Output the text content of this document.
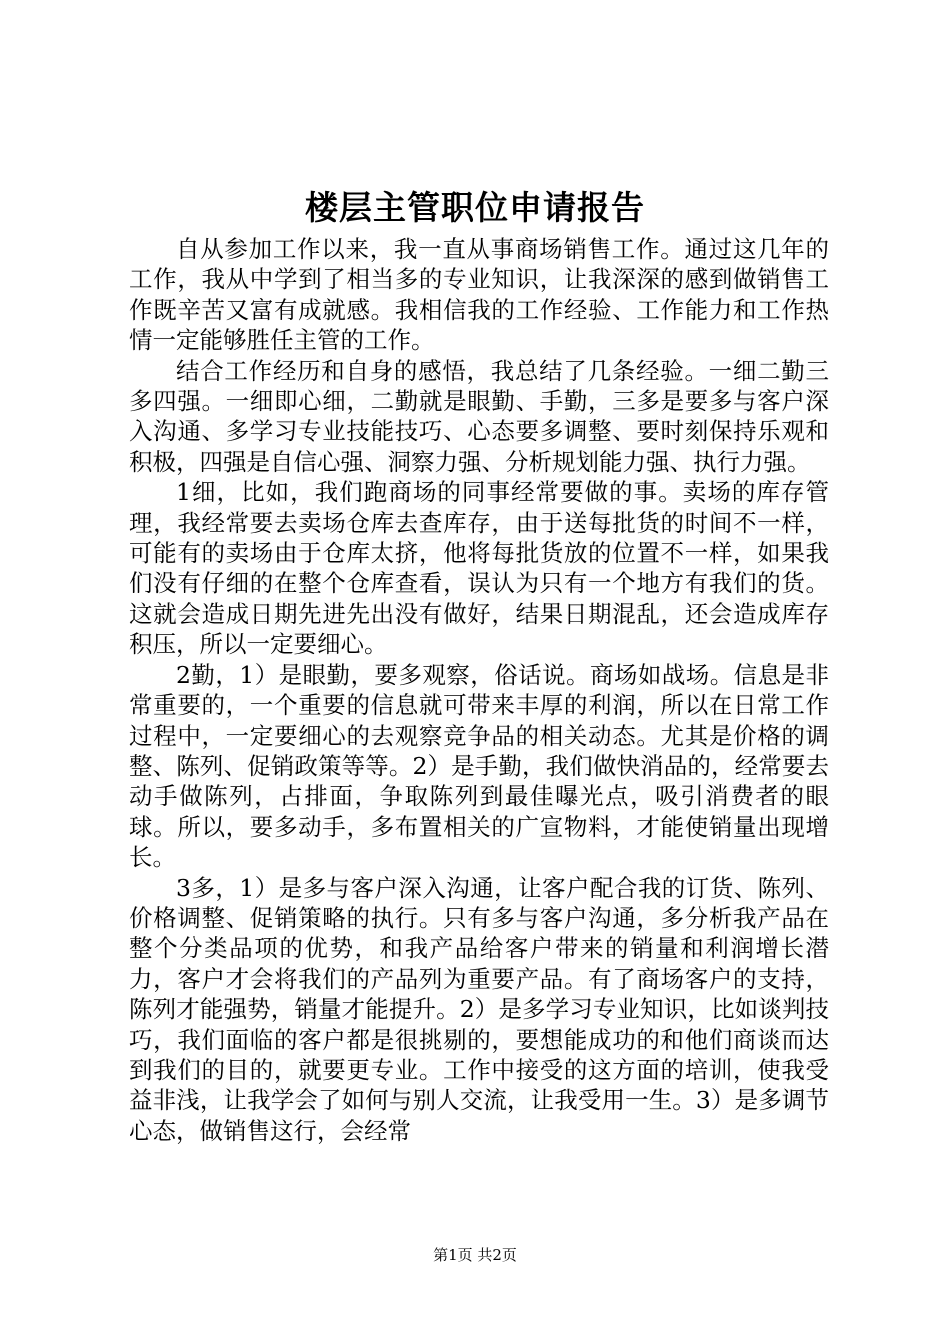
楼层主管职位申请报告

自从参加工作以来，我一直从事商场销售工作。通过这几年的工作，我从中学到了相当多的专业知识，让我深深的感到做销售工作既辛苦又富有成就感。我相信我的工作经验、工作能力和工作热情一定能够胜任主管的工作。

结合工作经历和自身的感悟，我总结了几条经验。一细二勤三多四强。一细即心细，二勤就是眼勤、手勤，三多是要多与客户深入沟通、多学习专业技能技巧、心态要多调整、要时刻保持乐观和积极，四强是自信心强、洞察力强、分析规划能力强、执行力强。

1细，比如，我们跑商场的同事经常要做的事。卖场的库存管理，我经常要去卖场仓库去查库存，由于送每批货的时间不一样，可能有的卖场由于仓库太挤，他将每批货放的位置不一样，如果我们没有仔细的在整个仓库查看，误认为只有一个地方有我们的货。这就会造成日期先进先出没有做好，结果日期混乱，还会造成库存积压，所以一定要细心。

2勤，1）是眼勤，要多观察，俗话说。商场如战场。信息是非常重要的，一个重要的信息就可带来丰厚的利润，所以在日常工作过程中，一定要细心的去观察竞争品的相关动态。尤其是价格的调整、陈列、促销政策等等。2）是手勤，我们做快消品的，经常要去动手做陈列，占排面，争取陈列到最佳曝光点，吸引消费者的眼球。所以，要多动手，多布置相关的广宣物料，才能使销量出现增长。

3多，1）是多与客户深入沟通，让客户配合我的订货、陈列、价格调整、促销策略的执行。只有多与客户沟通，多分析我产品在整个分类品项的优势，和我产品给客户带来的销量和利润增长潜力，客户才会将我们的产品列为重要产品。有了商场客户的支持，陈列才能强势，销量才能提升。2）是多学习专业知识，比如谈判技巧，我们面临的客户都是很挑剔的，要想能成功的和他们商谈而达到我们的目的，就要更专业。工作中接受的这方面的培训，使我受益非浅，让我学会了如何与别人交流，让我受用一生。3）是多调节心态，做销售这行，会经常

第1页 共2页
